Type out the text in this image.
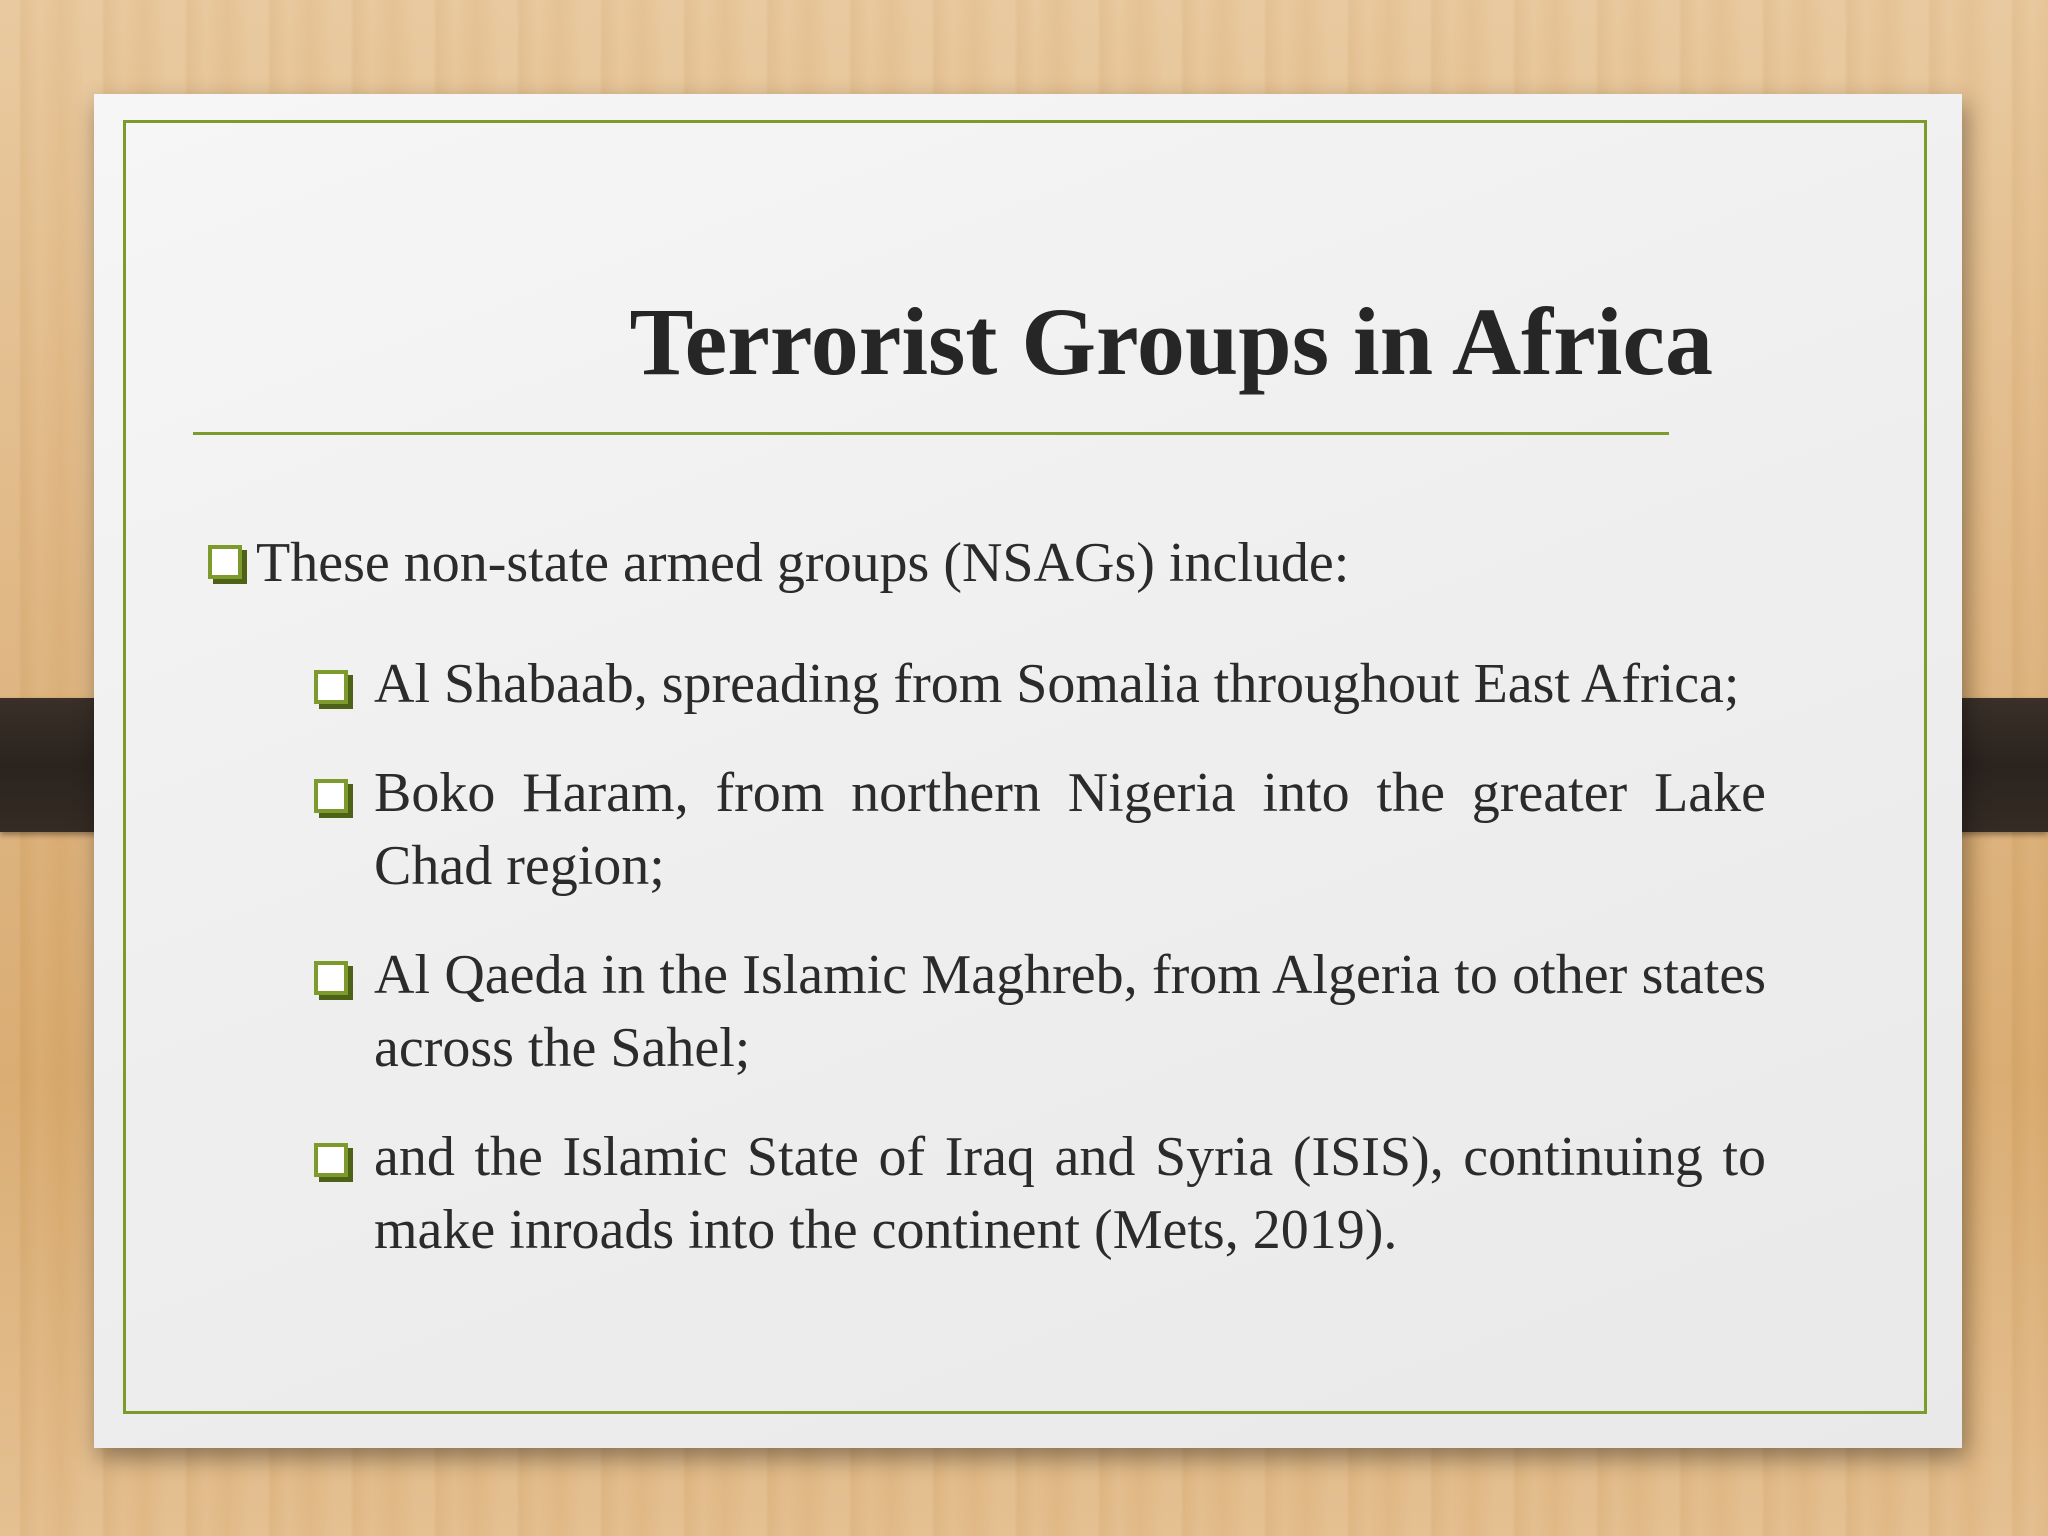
Terrorist Groups in Africa
These non-state armed groups (NSAGs) include:
Al Shabaab, spreading from Somalia throughout East Africa;
Boko Haram, from northern Nigeria into the greater Lake Chad region;
Al Qaeda in the Islamic Maghreb, from Algeria to other states across the Sahel;
and the Islamic State of Iraq and Syria (ISIS), continuing to make inroads into the continent (Mets, 2019).
